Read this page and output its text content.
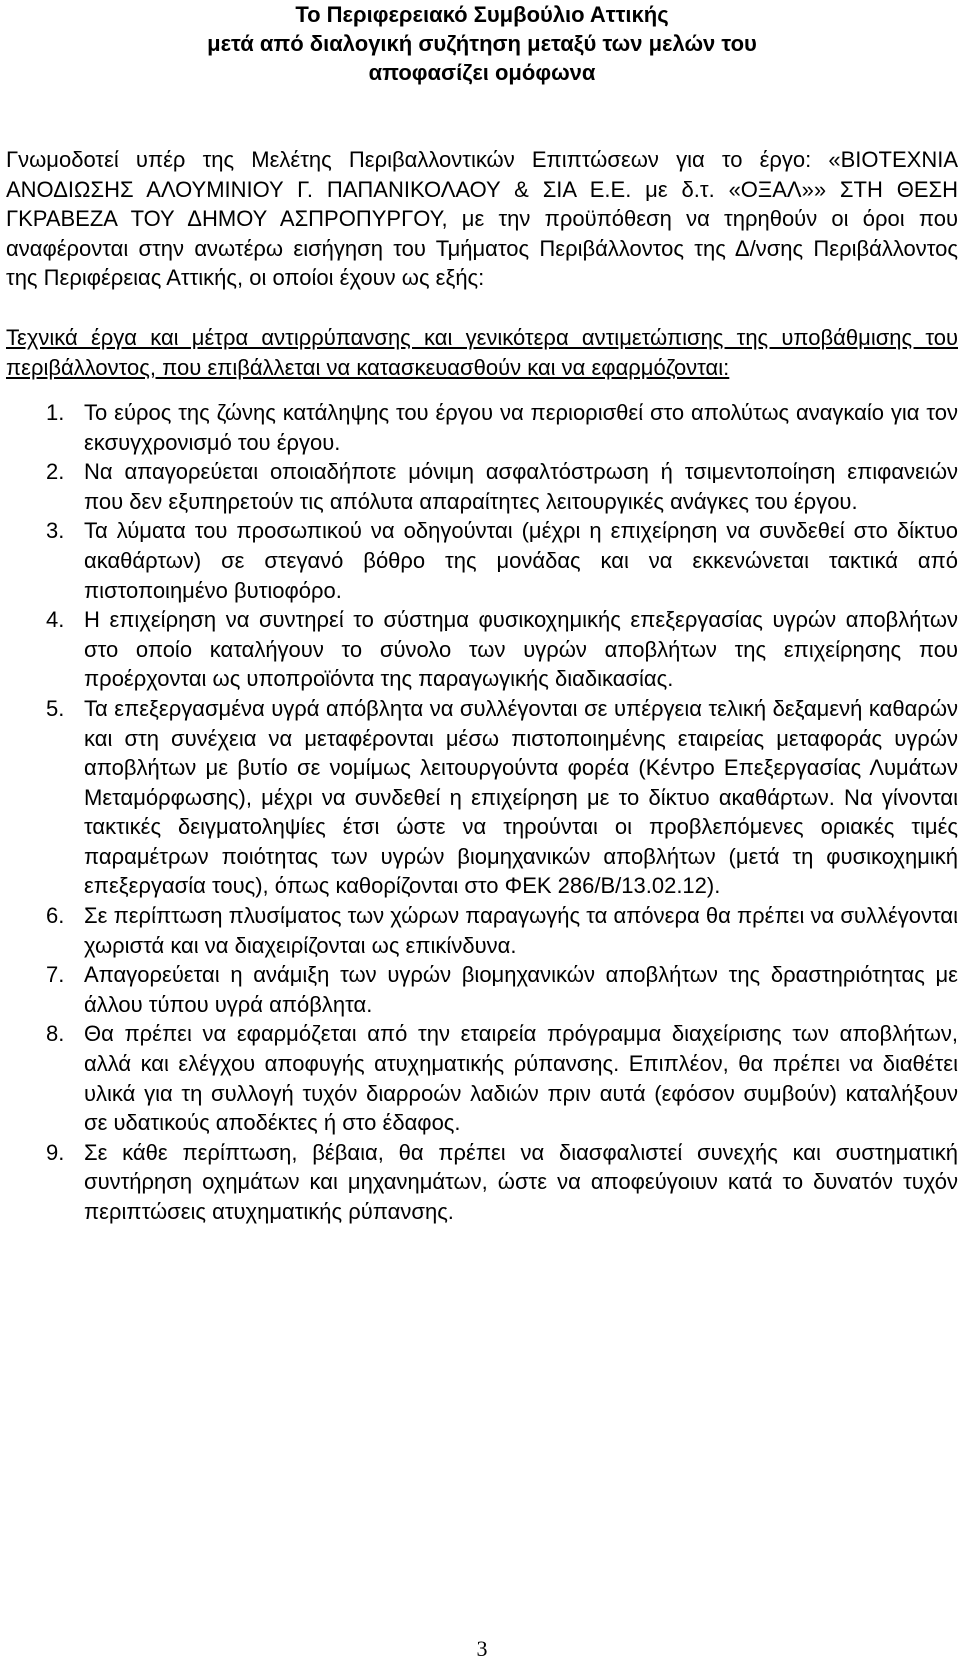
Το Περιφερειακό Συμβούλιο Αττικής
μετά από διαλογική συζήτηση μεταξύ των μελών του
αποφασίζει ομόφωνα

Γνωμοδοτεί υπέρ της Μελέτης Περιβαλλοντικών Επιπτώσεων για το έργο: «ΒΙΟΤΕΧΝΙΑ ΑΝΟΔΙΩΣΗΣ ΑΛΟΥΜΙΝΙΟΥ Γ. ΠΑΠΑΝΙΚΟΛΑΟΥ & ΣΙΑ Ε.Ε. με δ.τ. «ΟΞΑΛ»» ΣΤΗ ΘΕΣΗ ΓΚΡΑΒΕΖΑ ΤΟΥ ΔΗΜΟΥ ΑΣΠΡΟΠΥΡΓΟΥ, με την προϋπόθεση να τηρηθούν οι όροι που αναφέρονται στην ανωτέρω εισήγηση του Τμήματος Περιβάλλοντος της Δ/νσης Περιβάλλοντος της Περιφέρειας Αττικής, οι οποίοι έχουν ως εξής:

Τεχνικά έργα και μέτρα αντιρρύπανσης και γενικότερα αντιμετώπισης της υποβάθμισης του περιβάλλοντος, που επιβάλλεται να κατασκευασθούν και να εφαρμόζονται:

1. Το εύρος της ζώνης κατάληψης του έργου να περιορισθεί στο απολύτως αναγκαίο για τον εκσυγχρονισμό του έργου.
2. Να απαγορεύεται οποιαδήποτε μόνιμη ασφαλτόστρωση ή τσιμεντοποίηση επιφανειών που δεν εξυπηρετούν τις απόλυτα απαραίτητες λειτουργικές ανάγκες του έργου.
3. Τα λύματα του προσωπικού να οδηγούνται (μέχρι η επιχείρηση να συνδεθεί στο δίκτυο ακαθάρτων) σε στεγανό βόθρο της μονάδας και να εκκενώνεται τακτικά από πιστοποιημένο βυτιοφόρο.
4. Η επιχείρηση να συντηρεί το σύστημα φυσικοχημικής επεξεργασίας υγρών αποβλήτων στο οποίο καταλήγουν το σύνολο των υγρών αποβλήτων της επιχείρησης που προέρχονται ως υποπροϊόντα της παραγωγικής διαδικασίας.
5. Τα επεξεργασμένα υγρά απόβλητα να συλλέγονται σε υπέργεια τελική δεξαμενή καθαρών και στη συνέχεια να μεταφέρονται μέσω πιστοποιημένης εταιρείας μεταφοράς υγρών αποβλήτων με βυτίο σε νομίμως λειτουργούντα φορέα (Κέντρο Επεξεργασίας Λυμάτων Μεταμόρφωσης), μέχρι να συνδεθεί η επιχείρηση με το δίκτυο ακαθάρτων. Να γίνονται τακτικές δειγματοληψίες έτσι ώστε να τηρούνται οι προβλεπόμενες οριακές τιμές παραμέτρων ποιότητας των υγρών βιομηχανικών αποβλήτων (μετά τη φυσικοχημική επεξεργασία τους), όπως καθορίζονται στο ΦΕΚ 286/Β/13.02.12).
6. Σε περίπτωση πλυσίματος των χώρων παραγωγής τα απόνερα θα πρέπει να συλλέγονται χωριστά και να διαχειρίζονται ως επικίνδυνα.
7. Απαγορεύεται η ανάμιξη των υγρών βιομηχανικών αποβλήτων της δραστηριότητας με άλλου τύπου υγρά απόβλητα.
8. Θα πρέπει να εφαρμόζεται από την εταιρεία πρόγραμμα διαχείρισης των αποβλήτων, αλλά και ελέγχου αποφυγής ατυχηματικής ρύπανσης. Επιπλέον, θα πρέπει να διαθέτει υλικά για τη συλλογή τυχόν διαρροών λαδιών πριν αυτά (εφόσον συμβούν) καταλήξουν σε υδατικούς αποδέκτες ή στο έδαφος.
9. Σε κάθε περίπτωση, βέβαια, θα πρέπει να διασφαλιστεί συνεχής και συστηματική συντήρηση οχημάτων και μηχανημάτων, ώστε να αποφεύγοιυν κατά το δυνατόν τυχόν περιπτώσεις ατυχηματικής ρύπανσης.
3
